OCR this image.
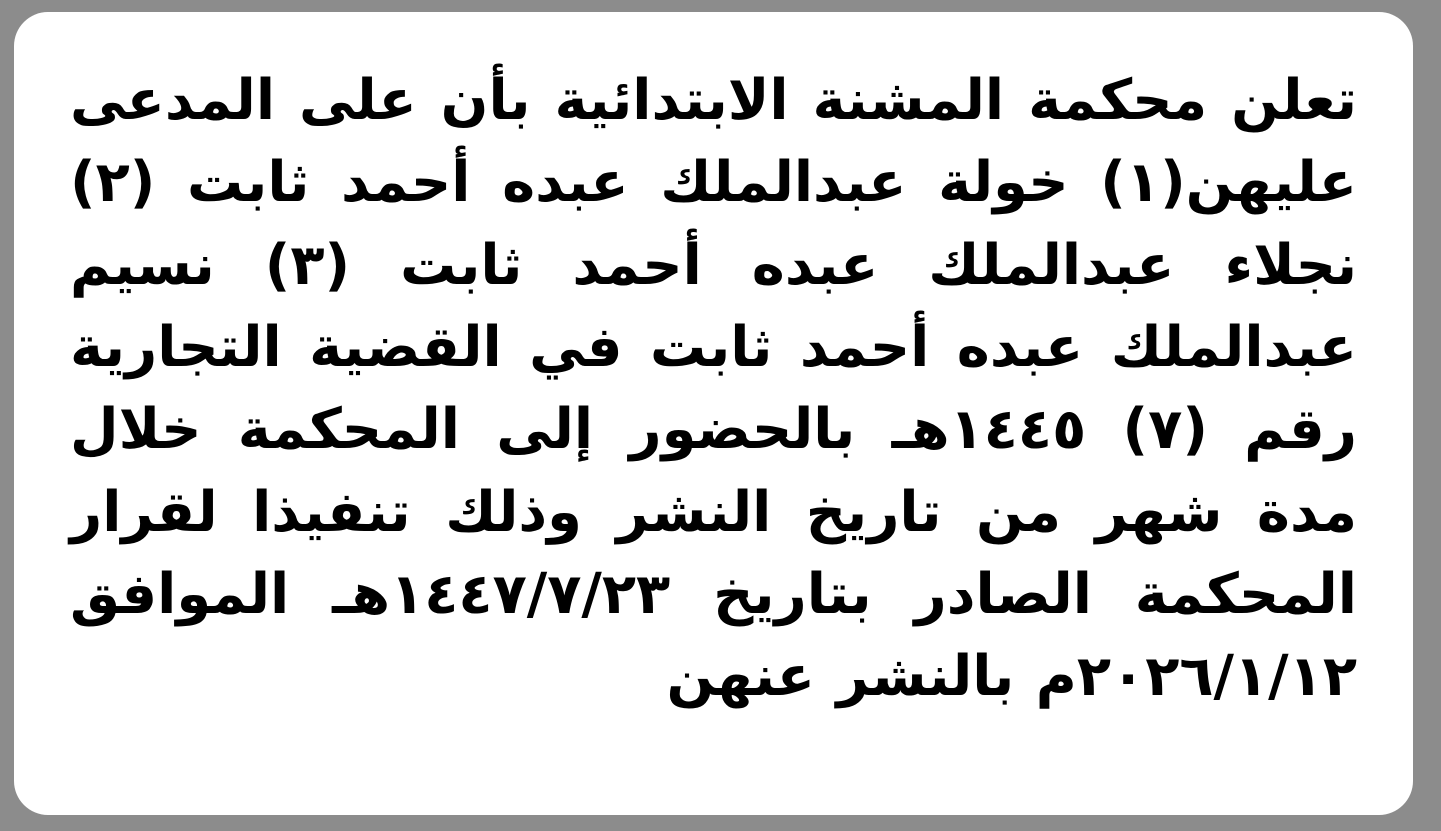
تعلن محكمة المشنة الابتدائية بأن على المدعى عليهن(١) خولة عبدالملك عبده أحمد ثابت (٢) نجلاء عبدالملك عبده أحمد ثابت (٣) نسيم عبدالملك عبده أحمد ثابت في القضية التجارية رقم (٧) ١٤٤٥هـ بالحضور إلى المحكمة خلال مدة شهر من تاريخ النشر وذلك تنفيذا لقرار المحكمة الصادر بتاريخ ١٤٤٧/٧/٢٣هـ الموافق ٢٠٢٦/١/١٢م بالنشر عنهن
